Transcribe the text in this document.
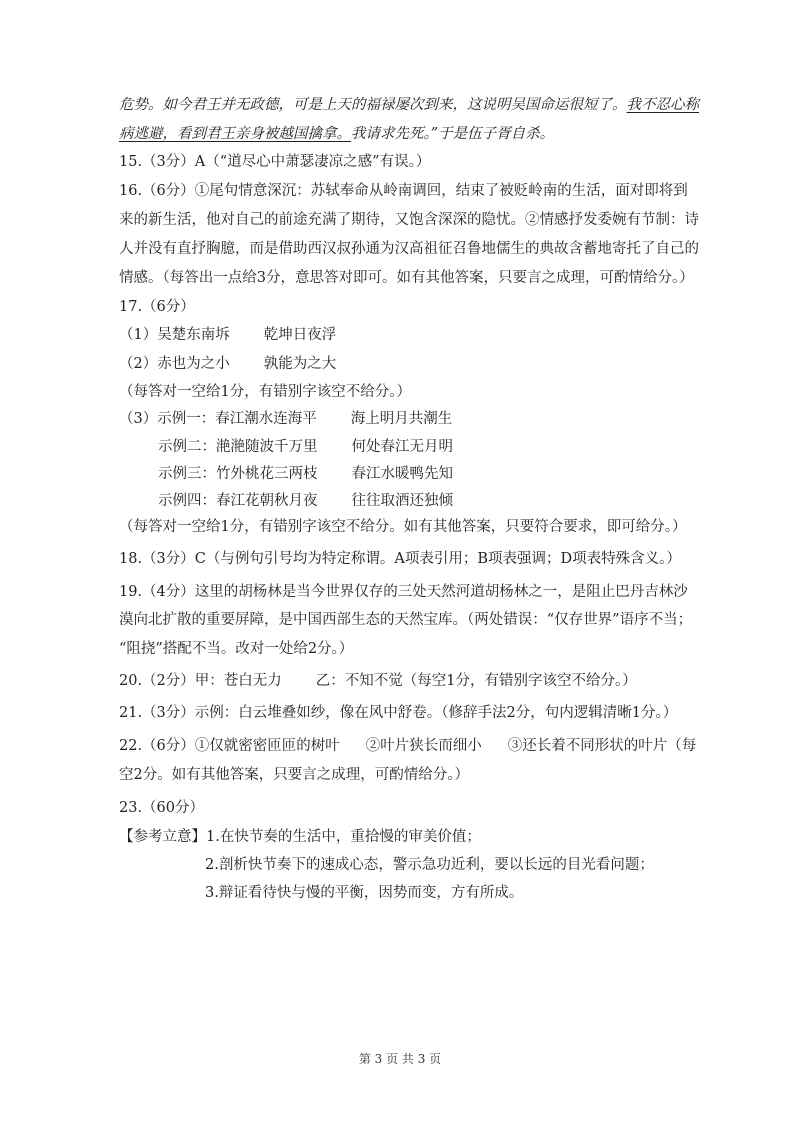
危势。如今君王并无政德，可是上天的福禄屡次到来，这说明吴国命运很短了。我不忍心称
病逃避，看到君王亲身被越国擒拿。我请求先死。”于是伍子胥自杀。
15.（3分）A（“道尽心中萧瑟凄凉之感”有误。）
16.（6分）①尾句情意深沉：苏轼奉命从岭南调回，结束了被贬岭南的生活，面对即将到
来的新生活，他对自己的前途充满了期待，又饱含深深的隐忧。②情感抒发委婉有节制：诗
人并没有直抒胸臆，而是借助西汉叔孙通为汉高祖征召鲁地儒生的典故含蓄地寄托了自己的
情感。（每答出一点给3分，意思答对即可。如有其他答案，只要言之成理，可酌情给分。）
17.（6分）
（1）吴楚东南坼 乾坤日夜浮
（2）赤也为之小 孰能为之大
（每答对一空给1分，有错别字该空不给分。）
（3）示例一：春江潮水连海平 海上明月共潮生
示例二：滟滟随波千万里 何处春江无月明
示例三：竹外桃花三两枝 春江水暖鸭先知
示例四：春江花朝秋月夜 往往取酒还独倾
（每答对一空给1分，有错别字该空不给分。如有其他答案，只要符合要求，即可给分。）
18.（3分）C（与例句引号均为特定称谓。A项表引用；B项表强调；D项表特殊含义。）
19.（4分）这里的胡杨林是当今世界仅存的三处天然河道胡杨林之一，是阻止巴丹吉林沙
漠向北扩散的重要屏障，是中国西部生态的天然宝库。（两处错误：“仅存世界”语序不当；
“阻挠”搭配不当。改对一处给2分。）
20.（2分）甲：苍白无力 乙：不知不觉（每空1分，有错别字该空不给分。）
21.（3分）示例：白云堆叠如纱，像在风中舒卷。（修辞手法2分，句内逻辑清晰1分。）
22.（6分）①仅就密密匝匝的树叶 ②叶片狭长而细小 ③还长着不同形状的叶片（每
空2分。如有其他答案，只要言之成理，可酌情给分。）
23.（60分）
【参考立意】1.在快节奏的生活中，重拾慢的审美价值；
2.剖析快节奏下的速成心态，警示急功近利，要以长远的目光看问题；
3.辩证看待快与慢的平衡，因势而变，方有所成。
第 3 页 共 3 页
